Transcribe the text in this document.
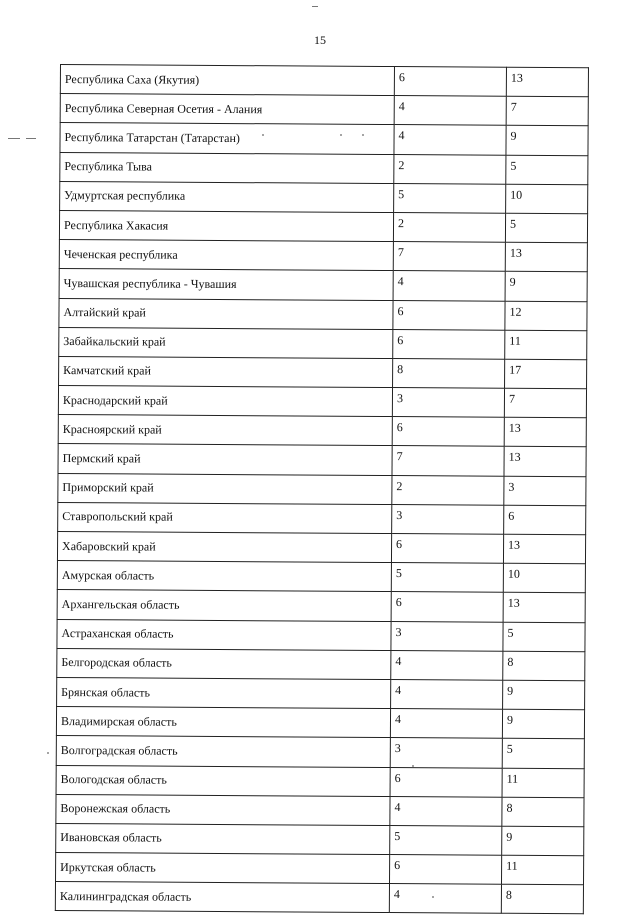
15
Республика Саха (Якутия)	6	13
Республика Северная Осетия - Алания	4	7
Республика Татарстан (Татарстан)	4	9
Республика Тыва	2	5
Удмуртская республика	5	10
Республика Хакасия	2	5
Чеченская республика	7	13
Чувашская республика - Чувашия	4	9
Алтайский край	6	12
Забайкальский край	6	11
Камчатский край	8	17
Краснодарский край	3	7
Красноярский край	6	13
Пермский край	7	13
Приморский край	2	3
Ставропольский край	3	6
Хабаровский край	6	13
Амурская область	5	10
Архангельская область	6	13
Астраханская область	3	5
Белгородская область	4	8
Брянская область	4	9
Владимирская область	4	9
Волгоградская область	3	5
Вологодская область	6	11
Воронежская область	4	8
Ивановская область	5	9
Иркутская область	6	11
Калининградская область	4	8
